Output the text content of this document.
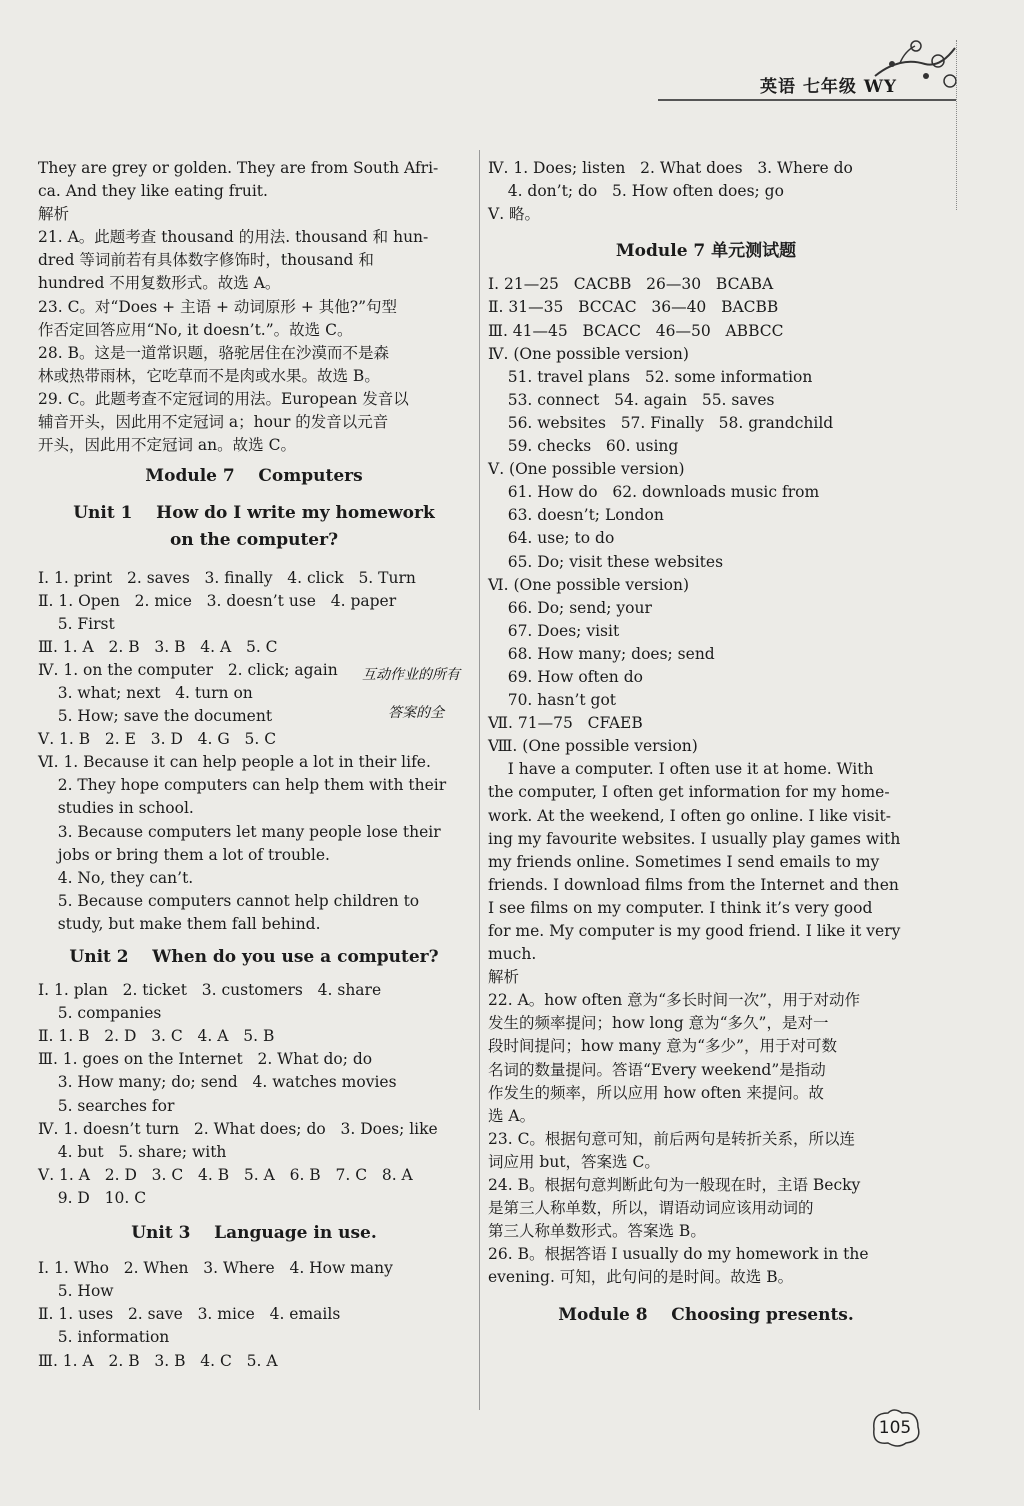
英语 七年级 WY
They are grey or golden. They are from South Afri-
ca. And they like eating fruit.
解析
21. A。此题考查 thousand 的用法. thousand 和 hun-
dred 等词前若有具体数字修饰时，thousand 和
hundred 不用复数形式。故选 A。
23. C。对“Does + 主语 + 动词原形 + 其他?”句型
作否定回答应用“No, it doesn’t.”。故选 C。
28. B。这是一道常识题，骆驼居住在沙漠而不是森
林或热带雨林，它吃草而不是肉或水果。故选 B。
29. C。此题考查不定冠词的用法。European 发音以
辅音开头，因此用不定冠词 a；hour 的发音以元音
开头，因此用不定冠词 an。故选 C。
Module 7    Computers
Unit 1    How do I write my homework
on the computer?
Ⅰ. 1. print   2. saves   3. finally   4. click   5. Turn
Ⅱ. 1. Open   2. mice   3. doesn’t use   4. paper
5. First
Ⅲ. 1. A   2. B   3. B   4. A   5. C
Ⅳ. 1. on the computer   2. click; again
3. what; next   4. turn on
5. How; save the document
Ⅴ. 1. B   2. E   3. D   4. G   5. C
Ⅵ. 1. Because it can help people a lot in their life.
2. They hope computers can help them with their
studies in school.
3. Because computers let many people lose their
jobs or bring them a lot of trouble.
4. No, they can’t.
5. Because computers cannot help children to
study, but make them fall behind.
Unit 2    When do you use a computer?
Ⅰ. 1. plan   2. ticket   3. customers   4. share
5. companies
Ⅱ. 1. B   2. D   3. C   4. A   5. B
Ⅲ. 1. goes on the Internet   2. What do; do
3. How many; do; send   4. watches movies
5. searches for
Ⅳ. 1. doesn’t turn   2. What does; do   3. Does; like
4. but   5. share; with
Ⅴ. 1. A   2. D   3. C   4. B   5. A   6. B   7. C   8. A
9. D   10. C
Unit 3    Language in use.
Ⅰ. 1. Who   2. When   3. Where   4. How many
5. How
Ⅱ. 1. uses   2. save   3. mice   4. emails
5. information
Ⅲ. 1. A   2. B   3. B   4. C   5. A
互动作业的所有
答案的全
Ⅳ. 1. Does; listen   2. What does   3. Where do
4. don’t; do   5. How often does; go
Ⅴ. 略。
Module 7 单元测试题
Ⅰ. 21—25   CACBB   26—30   BCABA
Ⅱ. 31—35   BCCAC   36—40   BACBB
Ⅲ. 41—45   BCACC   46—50   ABBCC
Ⅳ. (One possible version)
51. travel plans   52. some information
53. connect   54. again   55. saves
56. websites   57. Finally   58. grandchild
59. checks   60. using
Ⅴ. (One possible version)
61. How do   62. downloads music from
63. doesn’t; London
64. use; to do
65. Do; visit these websites
Ⅵ. (One possible version)
66. Do; send; your
67. Does; visit
68. How many; does; send
69. How often do
70. hasn’t got
Ⅶ. 71—75   CFAEB
Ⅷ. (One possible version)
I have a computer. I often use it at home. With
the computer, I often get information for my home-
work. At the weekend, I often go online. I like visit-
ing my favourite websites. I usually play games with
my friends online. Sometimes I send emails to my
friends. I download films from the Internet and then
I see films on my computer. I think it’s very good
for me. My computer is my good friend. I like it very
much.
解析
22. A。how often 意为“多长时间一次”，用于对动作
发生的频率提问；how long 意为“多久”，是对一
段时间提问；how many 意为“多少”，用于对可数
名词的数量提问。答语“Every weekend”是指动
作发生的频率，所以应用 how often 来提问。故
选 A。
23. C。根据句意可知，前后两句是转折关系，所以连
词应用 but，答案选 C。
24. B。根据句意判断此句为一般现在时，主语 Becky
是第三人称单数，所以，谓语动词应该用动词的
第三人称单数形式。答案选 B。
26. B。根据答语 I usually do my homework in the
evening. 可知，此句问的是时间。故选 B。
Module 8    Choosing presents.
105
